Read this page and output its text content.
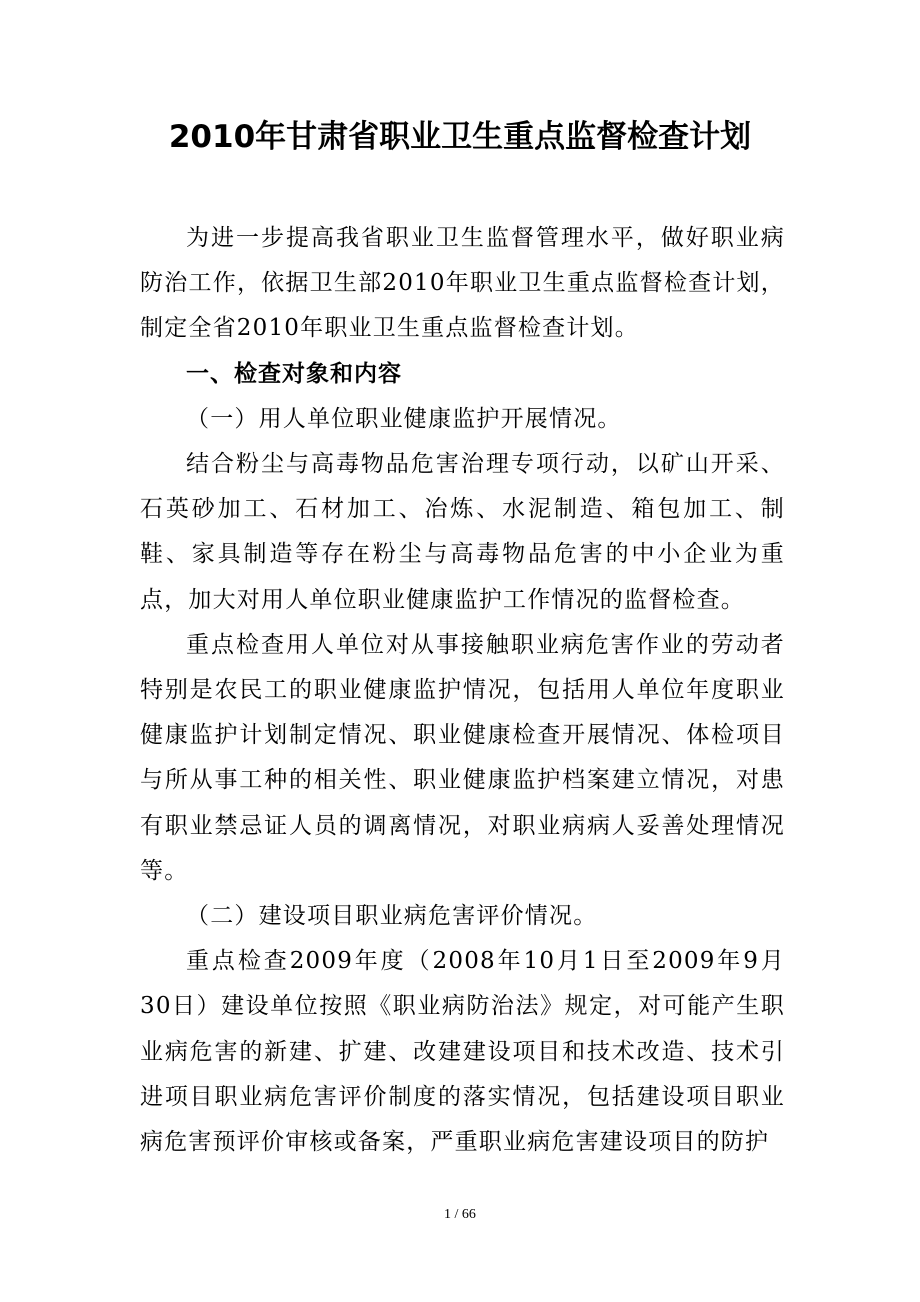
2010年甘肃省职业卫生重点监督检查计划

为进一步提高我省职业卫生监督管理水平，做好职业病防治工作，依据卫生部2010年职业卫生重点监督检查计划，制定全省2010年职业卫生重点监督检查计划。

一、检查对象和内容

（一）用人单位职业健康监护开展情况。

结合粉尘与高毒物品危害治理专项行动，以矿山开采、石英砂加工、石材加工、冶炼、水泥制造、箱包加工、制鞋、家具制造等存在粉尘与高毒物品危害的中小企业为重点，加大对用人单位职业健康监护工作情况的监督检查。

重点检查用人单位对从事接触职业病危害作业的劳动者特别是农民工的职业健康监护情况，包括用人单位年度职业健康监护计划制定情况、职业健康检查开展情况、体检项目与所从事工种的相关性、职业健康监护档案建立情况，对患有职业禁忌证人员的调离情况，对职业病病人妥善处理情况等。

（二）建设项目职业病危害评价情况。

重点检查2009年度（2008年10月1日至2009年9月30日）建设单位按照《职业病防治法》规定，对可能产生职业病危害的新建、扩建、改建建设项目和技术改造、技术引进项目职业病危害评价制度的落实情况，包括建设项目职业病危害预评价审核或备案，严重职业病危害建设项目的防护

1 / 66
